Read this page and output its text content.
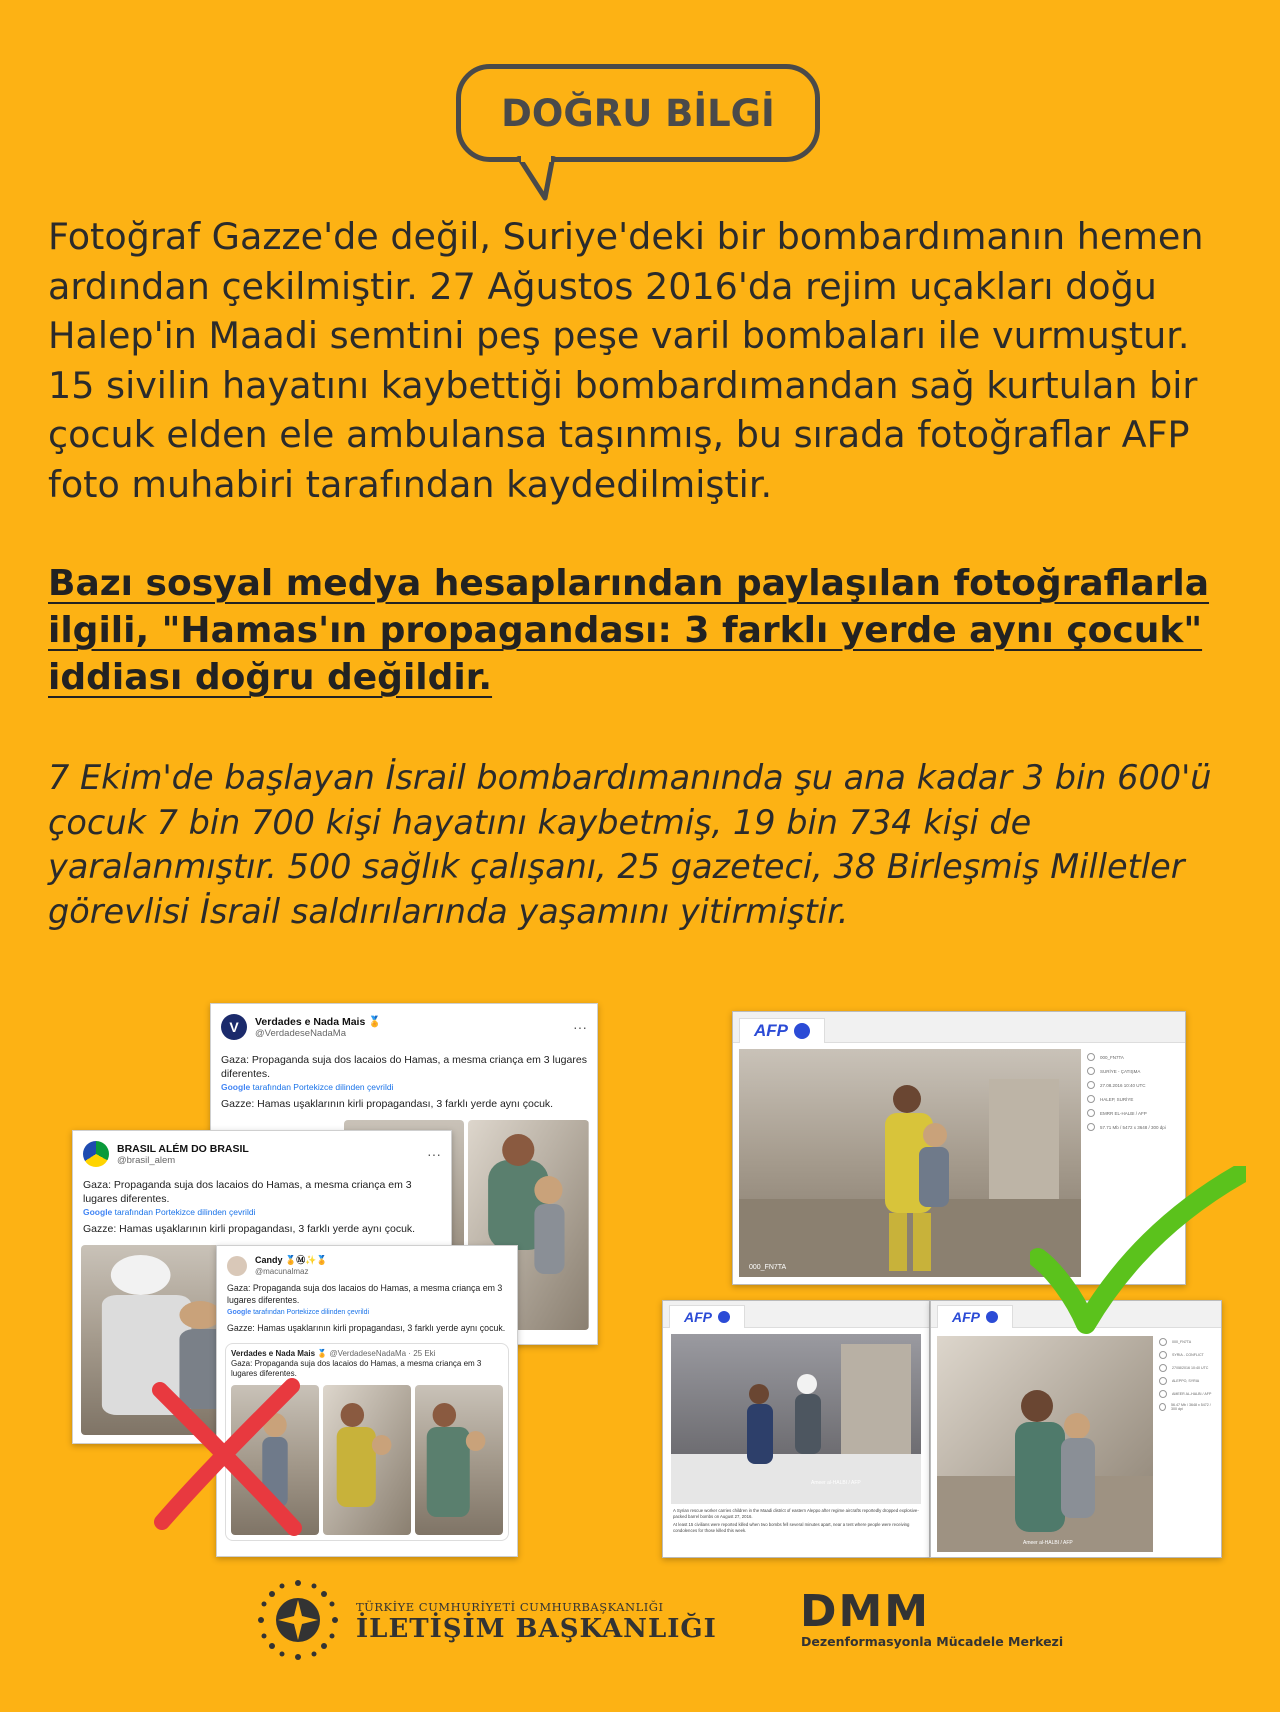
DOĞRU BİLGİ

Fotoğraf Gazze'de değil, Suriye'deki bir bombardımanın hemen ardından çekilmiştir. 27 Ağustos 2016'da rejim uçakları doğu Halep'in Maadi semtini peş peşe varil bombaları ile vurmuştur. 15 sivilin hayatını kaybettiği bombardımandan sağ kurtulan bir çocuk elden ele ambulansa taşınmış, bu sırada fotoğraflar AFP foto muhabiri tarafından kaydedilmiştir.

Bazı sosyal medya hesaplarından paylaşılan fotoğraflarla ilgili, "Hamas'ın propagandası: 3 farklı yerde aynı çocuk" iddiası doğru değildir.

7 Ekim'de başlayan İsrail bombardımanında şu ana kadar 3 bin 600'ü çocuk 7 bin 700 kişi hayatını kaybetmiş, 19 bin 734 kişi de yaralanmıştır. 500 sağlık çalışanı, 25 gazeteci, 38 Birleşmiş Milletler görevlisi İsrail saldırılarında yaşamını yitirmiştir.

V	Verdades e Nada Mais 🏅
@VerdadeseNadaMa	···
Gaza: Propaganda suja dos lacaios do Hamas, a mesma criança em 3 lugares diferentes.
Google tarafından Portekizce dilinden çevrildi
Gazze: Hamas uşaklarının kirli propagandası, 3 farklı yerde aynı çocuk.
BRASIL ALÉM DO BRASIL
@brasil_alem	···
Gaza: Propaganda suja dos lacaios do Hamas, a mesma criança em 3 lugares diferentes.
Google tarafından Portekizce dilinden çevrildi
Gazze: Hamas uşaklarının kirli propagandası, 3 farklı yerde aynı çocuk.
Candy 🏅Ⓜ✨🏅
@macunalmaz
Gaza: Propaganda suja dos lacaios do Hamas, a mesma criança em 3 lugares diferentes.
Google tarafından Portekizce dilinden çevrildi
Gazze: Hamas uşaklarının kirli propagandası, 3 farklı yerde aynı çocuk.
Verdades e Nada Mais 🏅 @VerdadeseNadaMa · 25 Eki
Gaza: Propaganda suja dos lacaios do Hamas, a mesma criança em 3 lugares diferentes.
AFP
000_FN7TA
000_FN7TA
SURİYE - ÇATIŞMA
27.08.2016 10:40 UTC
HALEP, SURİYE
EMRR EL-HALBI / AFP
57.71 Mb / 5472 x 3648 / 300 dpi
AFP
Ameer al-HALBI / AFP
A Syrian rescue worker carries children in the Maadi district of eastern Aleppo after regime aircrafts reportedly dropped explosive-packed barrel bombs on August 27, 2016.
At least 15 civilians were reported killed when two bombs fell several minutes apart, near a tent where people were receiving condolences for those killed this week.
AFP
Ameer al-HALBI / AFP
000_FN7TA
SYRIA - CONFLICT
27/08/2016 10:40 UTC
ALEPPO, SYRIA
AMEER AL-HALBI / AFP
56.47 Mb / 3648 x 5472 / 300 dpi
TÜRKİYE CUMHURİYETİ CUMHURBAŞKANLIĞI
İLETİŞİM BAŞKANLIĞI DMM
Dezenformasyonla Mücadele Merkezi
